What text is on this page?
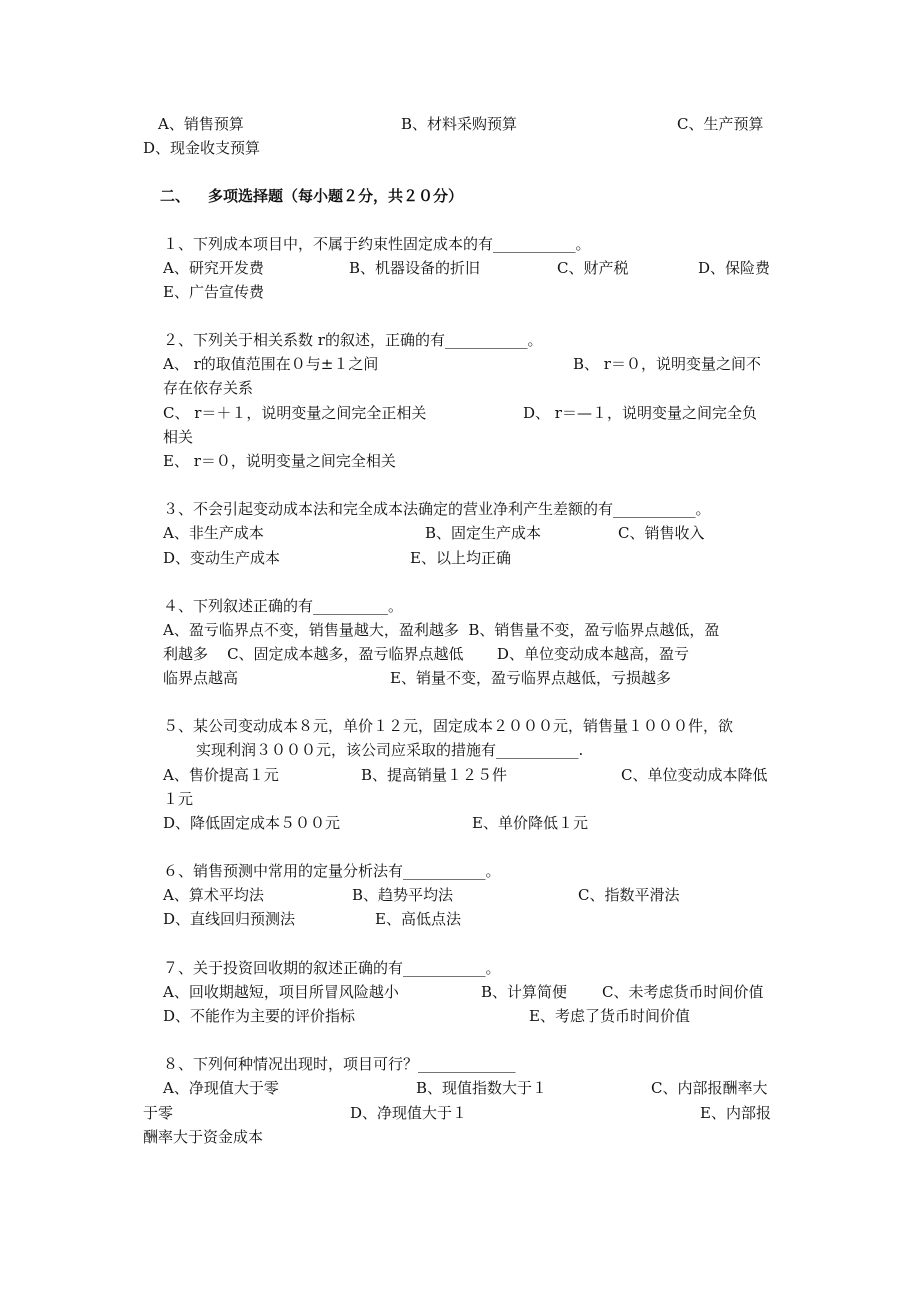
A、销售预算	B、材料采购预算	C、生产预算
D、现金收支预算
二、 多项选择题（每小题２分，共２０分）
１、下列成本项目中，不属于约束性固定成本的有___________。
A、研究开发费	B、机器设备的折旧	C、财产税	D、保险费
E、广告宣传费
２、下列关于相关系数 r的叙述，正确的有___________。
A、 r的取值范围在０与±１之间	B、 r＝０，说明变量之间不
存在依存关系
C、 r＝＋１，说明变量之间完全正相关	D、 r＝—１，说明变量之间完全负
相关
E、 r＝０，说明变量之间完全相关
３、不会引起变动成本法和完全成本法确定的营业净利产生差额的有___________。
A、非生产成本	B、固定生产成本	C、销售收入
D、变动生产成本	E、以上均正确
４、下列叙述正确的有__________。
A、盈亏临界点不变，销售量越大，盈利越多  B、销售量不变，盈亏临界点越低，盈
利越多    C、固定成本越多，盈亏临界点越低       D、单位变动成本越高，盈亏
临界点越高	E、销量不变，盈亏临界点越低，亏损越多
５、某公司变动成本８元，单价１２元，固定成本２０００元，销售量１０００件，欲
实现利润３０００元，该公司应采取的措施有___________.
A、售价提高１元	B、提高销量１２５件	C、单位变动成本降低
１元
D、降低固定成本５００元	E、单价降低１元
６、销售预测中常用的定量分析法有___________。
A、算术平均法	B、趋势平均法	C、指数平滑法
D、直线回归预测法	E、高低点法
７、关于投资回收期的叙述正确的有___________。
A、回收期越短，项目所冒风险越小	B、计算简便 C、未考虑货币时间价值
D、不能作为主要的评价指标	E、考虑了货币时间价值
８、下列何种情况出现时，项目可行？_____________
A、净现值大于零	B、现值指数大于１	C、内部报酬率大
于零	D、净现值大于１	E、内部报
酬率大于资金成本
